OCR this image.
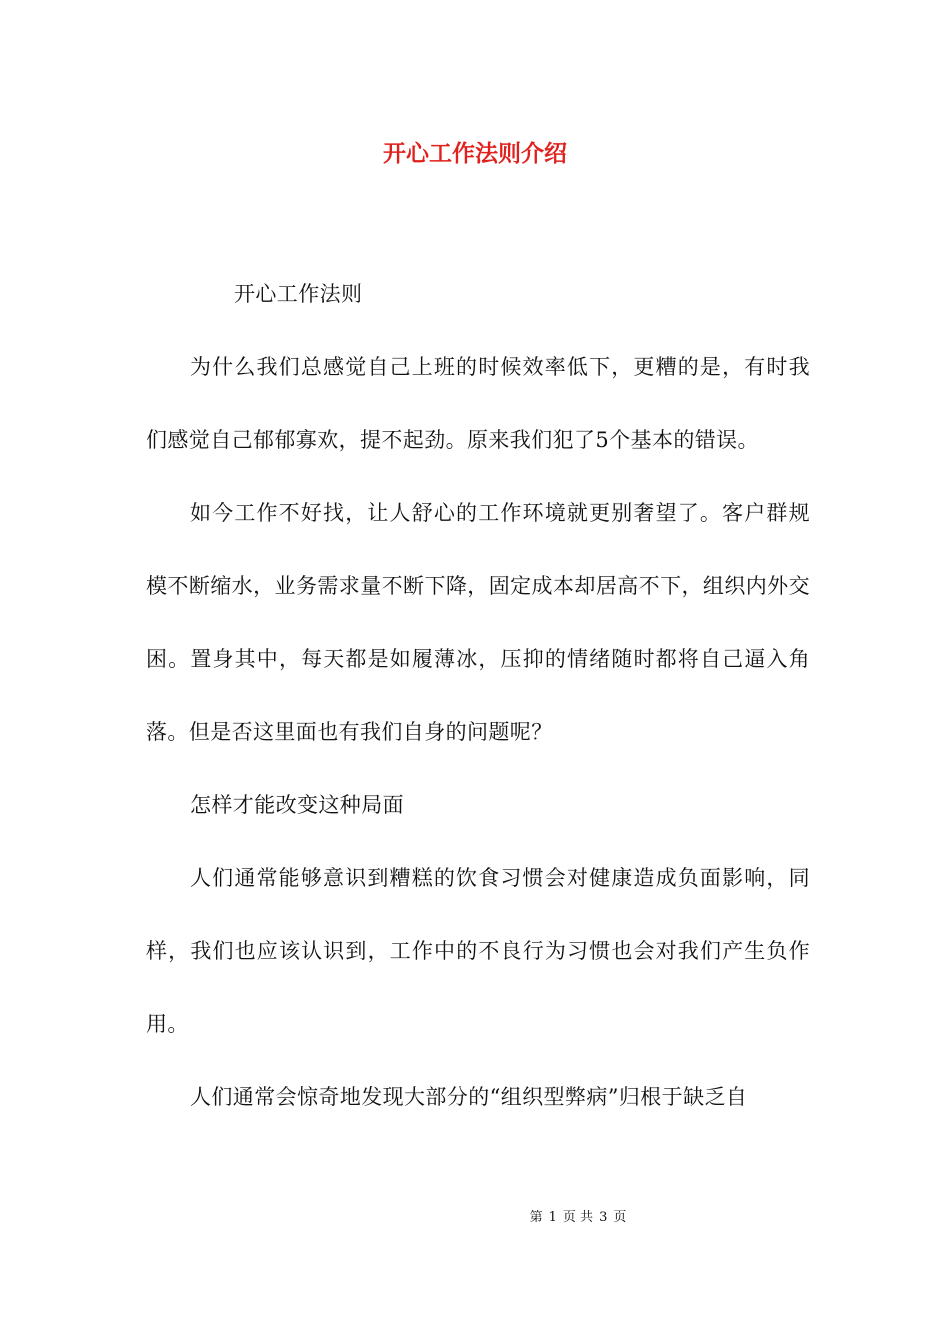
开心工作法则介绍

开心工作法则

为什么我们总感觉自己上班的时候效率低下，更糟的是，有时我们感觉自己郁郁寡欢，提不起劲。原来我们犯了5个基本的错误。

如今工作不好找，让人舒心的工作环境就更别奢望了。客户群规模不断缩水，业务需求量不断下降，固定成本却居高不下，组织内外交困。置身其中，每天都是如履薄冰，压抑的情绪随时都将自己逼入角落。但是否这里面也有我们自身的问题呢？

怎样才能改变这种局面

人们通常能够意识到糟糕的饮食习惯会对健康造成负面影响，同样，我们也应该认识到，工作中的不良行为习惯也会对我们产生负作用。

人们通常会惊奇地发现大部分的“组织型弊病”归根于缺乏自

第 1 页 共 3 页
